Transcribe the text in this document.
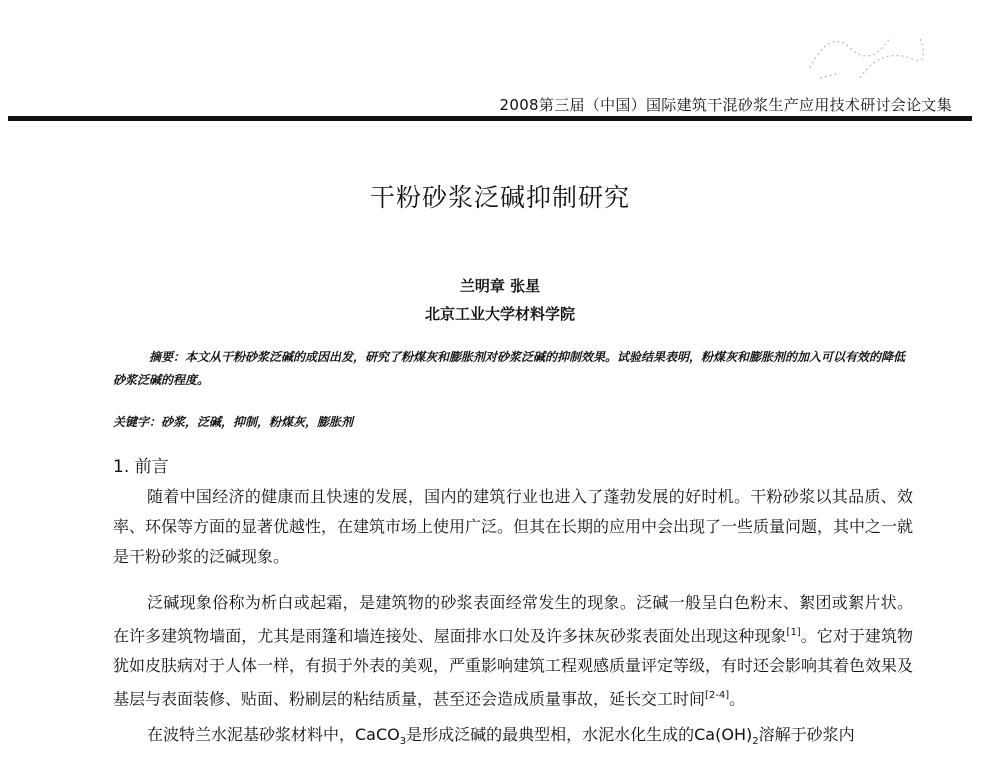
2008第三届（中国）国际建筑干混砂浆生产应用技术研讨会论文集
干粉砂浆泛碱抑制研究
兰明章 张星
北京工业大学材料学院
摘要：本文从干粉砂浆泛碱的成因出发，研究了粉煤灰和膨胀剂对砂浆泛碱的抑制效果。试验结果表明，粉煤灰和膨胀剂的加入可以有效的降低砂浆泛碱的程度。
关键字：砂浆，泛碱，抑制，粉煤灰，膨胀剂
1. 前言
随着中国经济的健康而且快速的发展，国内的建筑行业也进入了蓬勃发展的好时机。干粉砂浆以其品质、效率、环保等方面的显著优越性，在建筑市场上使用广泛。但其在长期的应用中会出现了一些质量问题，其中之一就是干粉砂浆的泛碱现象。
泛碱现象俗称为析白或起霜，是建筑物的砂浆表面经常发生的现象。泛碱一般呈白色粉末、絮团或絮片状。在许多建筑物墙面，尤其是雨篷和墙连接处、屋面排水口处及许多抹灰砂浆表面处出现这种现象[1]。它对于建筑物犹如皮肤病对于人体一样，有损于外表的美观，严重影响建筑工程观感质量评定等级，有时还会影响其着色效果及基层与表面装修、贴面、粉刷层的粘结质量，甚至还会造成质量事故，延长交工时间[2-4]。
在波特兰水泥基砂浆材料中，CaCO$_3$是形成泛碱的最典型相，水泥水化生成的$Ca(OH)_2$溶解于砂浆内
